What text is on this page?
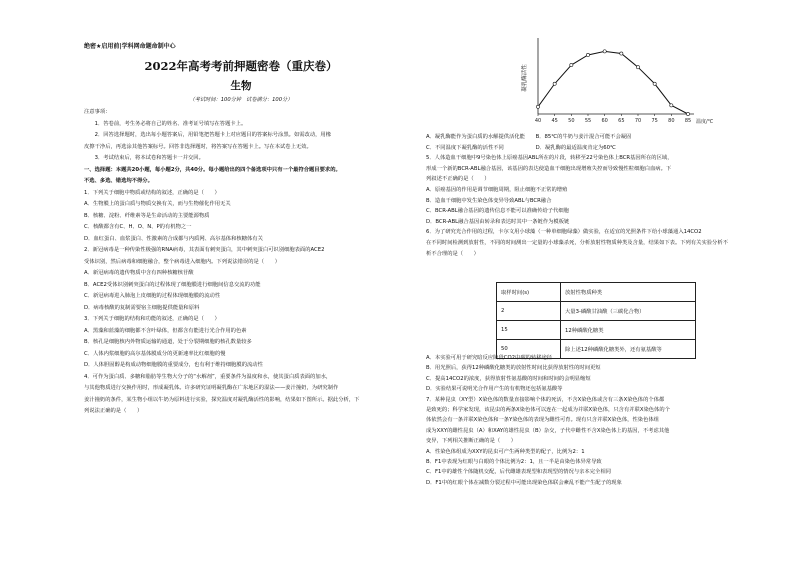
绝密★启用前|学科网命题命制中心
2022年高考考前押题密卷（重庆卷）
生物
（考试时间：100分钟　试卷满分：100分）
注意事项：
　　1．答卷前，考生务必将自己的姓名、准考证号填写在答题卡上。
　　2．回答选择题时，选出每小题答案后，用铅笔把答题卡上对应题目的答案标号涂黑。如需改动，用橡
皮擦干净后，再选涂其他答案标号。回答非选择题时，将答案写在答题卡上。写在本试卷上无效。
　　3．考试结束后，将本试卷和答题卡一并交回。
一、选择题：本题共20小题，每小题2分，共40分。每小题给出的四个备选项中只有一个最符合题目要求的。
不选、多选、错选均不得分。
1．下列关于细胞中物质或结构的叙述，正确的是（　　）
A．生物膜上的蛋白质与物质交换有关，而与生物催化作用无关
B．核糖、淀粉、纤维素等是生命活动的主要能源物质
C．核酸都含有C、H、O、N、P的有机物之一
D．血红蛋白、血浆蛋白、性激素的合成都与内质网、高尔基体和核糖体有关
2．新冠病毒是一种传染性极强的RNA病毒，其表面有刺突蛋白，其中刺突蛋白可识别细胞表面的ACE2
受体识别，然后病毒和细胞融合，整个病毒进入细胞内。下列说法错误的是（　　）
A．新冠病毒的遗传物质中含有四种核糖核苷酸
B．ACE2受体识别刺突蛋白的过程体现了细胞膜进行细胞间信息交流的功能
C．新冠病毒进入肺泡上皮细胞的过程体现细胞膜的流动性
D．病毒核酸的复制需要宿主细胞提供能量和原料
3．下列关于细胞的结构和功能的叙述，正确的是（　　）
A．黑藻和蓝藻的细胞都不含叶绿体，但都含有能进行光合作用的色素
B．核孔是细胞核内外物质运输的通道，处于分裂期细胞的核孔数量较多
C．人体内浆细胞的高尔基体膜成分的更新速率比红细胞的慢
D．人体胆固醇是构成动物细胞膜的重要成分，也有利于维持细胞膜的流动性
4．可作为蛋白质、多糖和脂肪等生物大分子的“水解剂”，重要条件为温度和水，使其蛋白质表面的加水，
与其他物质进行交换作用时，形成凝乳体。许多研究证明凝乳酶在广东地区的湿法——姜汁撞奶，为研究制作
姜汁撞奶的条件，某生物小组以牛奶为原料进行实验，探究温度对凝乳酶活性的影响，结果如下图所示。据此分析，下
列说法正确的是（　　）
40 45 50 55 60 65 70 75 80 85 温度/℃
凝乳酶活性
A．凝乳酶能作为蛋白质的水解提供活化能　　B．85℃的牛奶与姜汁混合可能不会凝固
C．不同温度下凝乳酶的活性不同　　　　　　D．凝乳酶的最适温度肯定为60℃
5．人体造血干细胞中9号染色体上原癌基因ABL所在的片段，转移至22号染色体上BCR基因所在的区域，
形成一个新的BCR-ABL融合基因，该基因的表达使造血干细胞出现增殖失控而导致慢性粒细胞白血病。下
列叙述不正确的是（　　）
A．原癌基因的作用是调节细胞周期，阻止细胞不正常的增殖
B．造血干细胞中发生染色体变异导致ABL与BCR融合
C．BCR-ABL融合基因的遗传信息不能可以准确传给子代细胞
D．BCR-ABL融合基因由转录和表达时其中一条链作为模板链
6．为了研究光合作用的过程，卡尔文用小球藻（一种单细胞绿藻）做实验，在适宜的光照条件下给小球藻通入14CO2
在不同时间检测到放射性，不同的时间测出一定量的小球藻杀死，分析放射性物质种类及含量，结果如下表。下列有关实验分析不
析不合理的是（　　）
A．本实验可用于研究暗反应阶段CO2中碳的转移途径
B．用光照后，获得12种磷酸化糖类的放射性时间比获得放射性的时间更短
C．提高14CO2的浓度，获得放射性氨基酸的时间和时间的会明显缩短
D．实验结果可说明光合作用产生的有机物还包括氨基酸等
7．某种昆虫（XY型）X染色体的数量直接影响个体的死活，不含X染色体或含有三条X染色体的个体都
是致死的；科学家发现，该昆虫的两条X染色体可以连在一起成为并联X染色体，只含有并联X染色体的个
体依然会有一条并联X染色体和一条Y染色体的表现为雌性可育。现有只含并联X染色体，性染色体组
成为XXY的雌性昆虫（A）和XAY的雄性昆虫（B）杂交，子代中雌性不含X染色体上的基因，不考虑其他
变异，下列相关推断正确的是（　　）
A．性染色体组成为XXY的昆虫可产生两种类型的配子，比例为2：1
B．F1中表现为红眼与白眼的个体比例为2：1，且一半是由染色体异常导致
C．F1中的雄性个体随机交配，后代雌雄表现型和表现型的情况与亲本完全相同
D．F1中的红眼个体在减数分裂过程中可能出现染色体联会紊乱不能产生配子的现象
取样时间(s)	放射性物质种类
2	大量3-磷酸甘油酸（三碳化合物）
15	12种磷酸化糖类
50	除上述12种磷酸化糖类外，还有氨基酸等
